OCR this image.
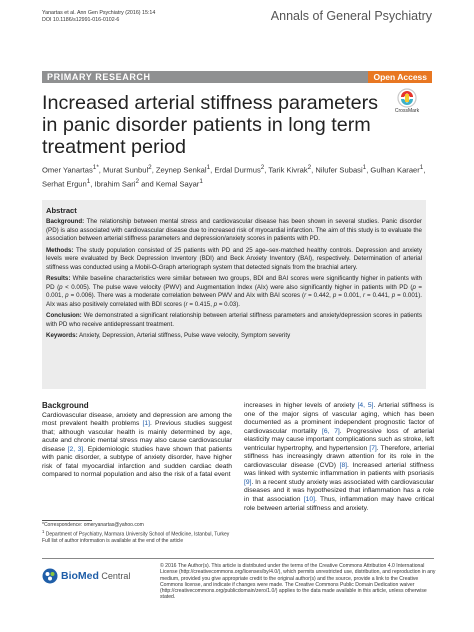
Yanartas et al. Ann Gen Psychiatry (2016) 15:14
DOI 10.1186/s12991-016-0102-6	Annals of General Psychiatry
PRIMARY RESEARCH	Open Access
Increased arterial stiffness parameters in panic disorder patients in long term treatment period
CrossMark
Omer Yanartas$^{1*}$, Murat Sunbul$^2$, Zeynep Senkal$^1$, Erdal Durmus$^2$, Tarik Kivrak$^2$, Nilufer Subasi$^1$, Gulhan Karaer$^1$, Serhat Ergun$^1$, Ibrahim Sari$^2$ and Kemal Sayar$^1$
Abstract

Background: The relationship between mental stress and cardiovascular disease has been shown in several studies. Panic disorder (PD) is also associated with cardiovascular disease due to increased risk of myocardial infarction. The aim of this study is to evaluate the association between arterial stiffness parameters and depression/anxiety scores in patients with PD.

Methods: The study population consisted of 25 patients with PD and 25 age–sex-matched healthy controls. Depression and anxiety levels were evaluated by Beck Depression Inventory (BDI) and Beck Anxiety Inventory (BAI), respectively. Determination of arterial stiffness was conducted using a Mobil-O-Graph arteriograph system that detected signals from the brachial artery.

Results: While baseline characteristics were similar between two groups, BDI and BAI scores were significantly higher in patients with PD (p < 0.005). The pulse wave velocity (PWV) and Augmentation Index (AIx) were also significantly higher in patients with PD (p = 0.001, p = 0.006). There was a moderate correlation between PWV and AIx with BAI scores (r = 0.442, p = 0.001, r = 0.441, p = 0.001). AIx was also positively correlated with BDI scores (r = 0.415, p = 0.03).

Conclusion: We demonstrated a significant relationship between arterial stiffness parameters and anxiety/depression scores in patients with PD who receive antidepressant treatment.

Keywords: Anxiety, Depression, Arterial stiffness, Pulse wave velocity, Symptom severity

Background
Cardiovascular disease, anxiety and depression are among the most prevalent health problems [1]. Previous studies suggest that; although vascular health is mainly determined by age, acute and chronic mental stress may also cause cardiovascular disease [2, 3]. Epidemiologic studies have shown that patients with panic disorder, a subtype of anxiety disorder, have higher risk of fatal myocardial infarction and sudden cardiac death compared to normal population and also the risk of a fatal event
increases in higher levels of anxiety [4, 5]. Arterial stiffness is one of the major signs of vascular aging, which has been documented as a prominent independent prognostic factor of cardiovascular mortality [6, 7]. Progressive loss of arterial elasticity may cause important complications such as stroke, left ventricular hypertrophy, and hypertension [7]. Therefore, arterial stiffness has increasingly drawn attention for its role in the cardiovascular disease (CVD) [8]. Increased arterial stiffness was linked with systemic inflammation in patients with psoriasis [9]. In a recent study anxiety was associated with cardiovascular diseases and it was hypothesized that inflammation has a role in that association [10]. Thus, inflammation may have critical role between arterial stiffness and anxiety.
*Correspondence: omeryanartas@yahoo.com
$^1$ Department of Psychiatry, Marmara University School of Medicine, Istanbul, Turkey
Full list of author information is available at the end of the article
BioMed Central
© 2016 The Author(s). This article is distributed under the terms of the Creative Commons Attribution 4.0 International License (http://creativecommons.org/licenses/by/4.0/), which permits unrestricted use, distribution, and reproduction in any medium, provided you give appropriate credit to the original author(s) and the source, provide a link to the Creative Commons license, and indicate if changes were made. The Creative Commons Public Domain Dedication waiver (http://creativecommons.org/publicdomain/zero/1.0/) applies to the data made available in this article, unless otherwise stated.
